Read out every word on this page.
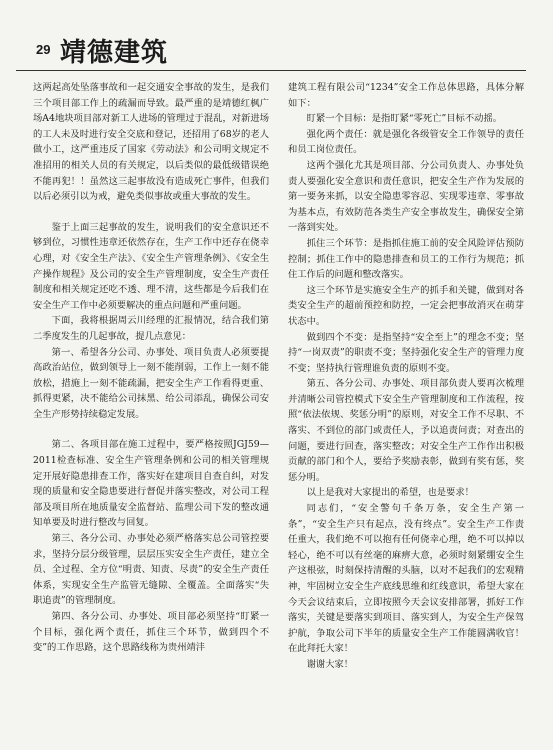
29 靖德建筑

这两起高处坠落事故和一起交通安全事故的发生，是我们三个项目部工作上的疏漏而导致。最严重的是靖德红枫广场A4地块项目部对新工人进场的管理过于混乱，对新进场的工人未及时进行安全交底和登记，还招用了68岁的老人做小工，这严重违反了国家《劳动法》和公司明文规定不准招用的相关人员的有关规定，以后类似的最低级错误绝不能再犯！！虽然这三起事故没有造成死亡事件，但我们以后必须引以为戒，避免类似事故或重大事故的发生。

鉴于上面三起事故的发生，说明我们的安全意识还不够到位，习惯性违章还依然存在，生产工作中还存在侥幸心理，对《安全生产法》、《安全生产管理条例》、《安全生产操作规程》及公司的安全生产管理制度，安全生产责任制度和相关规定还吃不透、理不清，这些都是今后我们在安全生产工作中必须要解决的重点问题和严重问题。

下面，我将根据周云川经理的汇报情况，结合我们第二季度发生的几起事故，提几点意见：

第一、希望各分公司、办事处、项目负责人必须要提高政治站位，做到领导上一刻不能削弱，工作上一刻不能放松，措施上一刻不能疏漏，把安全生产工作看得更重、抓得更紧，决不能给公司抹黑、给公司添乱，确保公司安全生产形势持续稳定发展。

第二、各项目部在施工过程中，要严格按照JGJ59—2011检查标准、安全生产管理条例和公司的相关管理规定开展好隐患排查工作，落实好在建项目自查自纠，对发现的质量和安全隐患要进行督促并落实整改，对公司工程部及项目所在地质量安全监督站、监理公司下发的整改通知单要及时进行整改与回复。

第三、各分公司、办事处必须严格落实总公司管控要求，坚持分层分级管理，层层压实安全生产责任，建立全员、全过程、全方位“明责、知责、尽责”的安全生产责任体系，实现安全生产监管无缝隙、全覆盖。全面落实“失职追责”的管理制度。

第四、各分公司、办事处、项目部必须坚持“盯紧一个目标，强化两个责任，抓住三个环节，做到四个不变”的工作思路，这个思路线称为贵州靖沣

建筑工程有限公司“1234”安全工作总体思路，具体分解如下：

盯紧一个目标：是指盯紧“零死亡”目标不动摇。

强化两个责任：就是强化各级管安全工作领导的责任和员工岗位责任。

这两个强化尤其是项目部、分公司负责人、办事处负责人要强化安全意识和责任意识，把安全生产作为发展的第一要务来抓，以安全隐患零容忍、实现零违章、零事故为基本点，有效防范各类生产安全事故发生，确保安全第一落到实处。

抓住三个环节：是指抓住施工前的安全风险评估预防控制；抓住工作中的隐患排查和员工的工作行为规范；抓住工作后的问题和整改落实。

这三个环节是实施安全生产的抓手和关键，做到对各类安全生产的超前预控和防控，一定会把事故消灭在萌芽状态中。

做到四个不变：是指坚持“安全至上”的理念不变；坚持“一岗双责”的职责不变；坚持强化安全生产的管理力度不变；坚持执行管理谁负责的原则不变。

第五、各分公司、办事处、项目部负责人要再次梳理并清晰公司管控模式下安全生产管理制度和工作流程，按照“依法依规、奖惩分明”的原则，对安全工作不尽职、不落实、不到位的部门或责任人，予以追责问责；对查出的问题，要进行回查，落实整改；对安全生产工作作出积极贡献的部门和个人，要给予奖励表彰，做到有奖有惩，奖惩分明。

以上是我对大家提出的希望，也是要求！

同志们，“安全警句千条万条，安全生产第一条”，“安全生产只有起点，没有终点”。安全生产工作责任重大，我们绝不可以抱有任何侥幸心理，绝不可以掉以轻心，绝不可以有丝毫的麻痹大意，必须时刻紧绷安全生产这根弦，时刻保持清醒的头脑，以对不起我们的宏观精神，牢固树立安全生产底线思维和红线意识，希望大家在今天会议结束后，立即按照今天会议安排部署，抓好工作落实，关键是要落实到项目、落实到人，为安全生产保驾护航，争取公司下半年的质量安全生产工作能圆满收官！在此拜托大家！

谢谢大家！
